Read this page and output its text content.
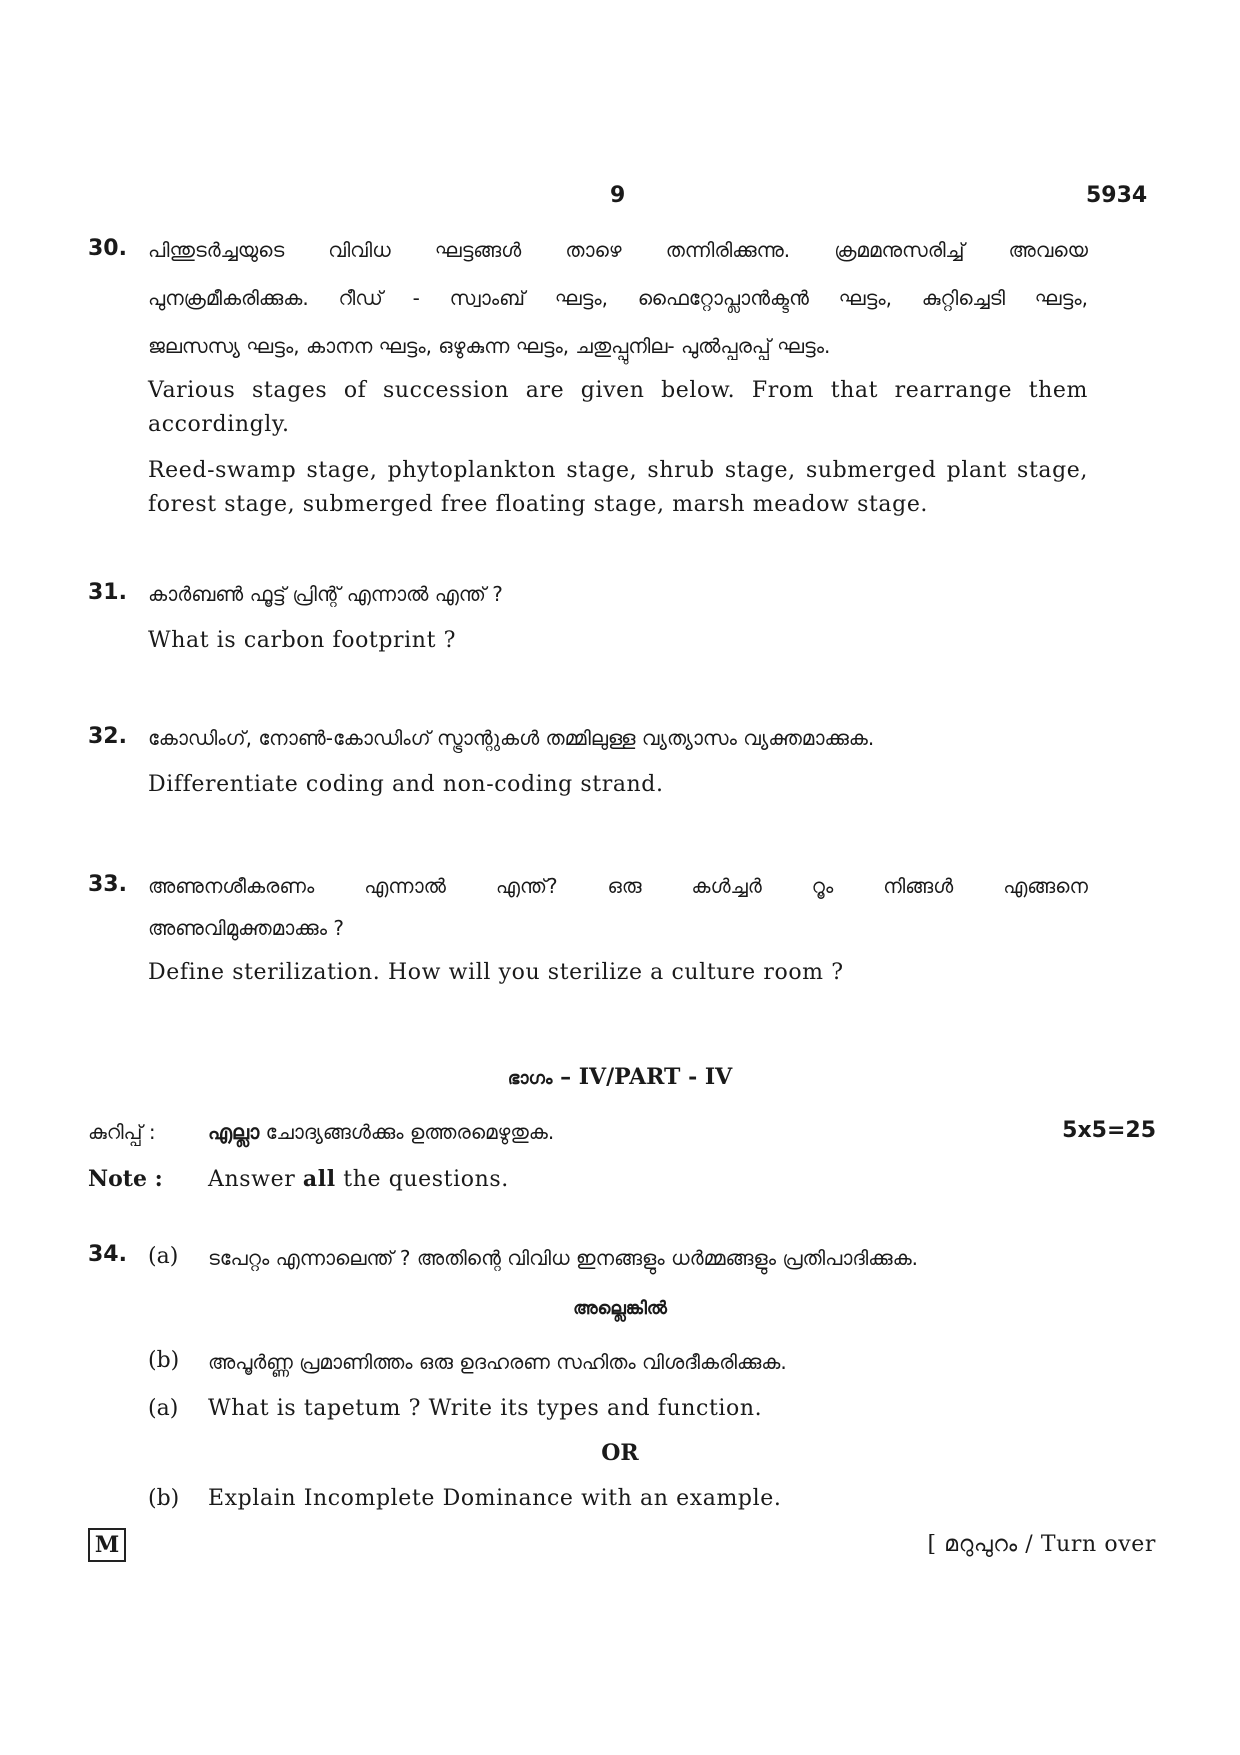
9	5934
30. പിന്തുടർച്ചയുടെ വിവിധ ഘട്ടങ്ങൾ താഴെ തന്നിരിക്കുന്നു. ക്രമമനുസരിച്ച് അവയെ
പുനക്രമീകരിക്കുക. റീഡ് - സ്വാംബ് ഘട്ടം, ഫൈറ്റോപ്ലാൻക്ടൻ ഘട്ടം, കുറ്റിച്ചെടി ഘട്ടം,
ജലസസ്യ ഘട്ടം, കാനന ഘട്ടം, ഒഴുകുന്ന ഘട്ടം, ചതുപ്പുനില- പുൽപ്പരപ്പ് ഘട്ടം.
Various stages of succession are given below. From that rearrange them
accordingly.
Reed-swamp stage, phytoplankton stage, shrub stage, submerged plant stage,
forest stage, submerged free floating stage, marsh meadow stage.
31. കാർബൺ ഫൂട്ട് പ്രിന്റ് എന്നാൽ എന്ത് ?
What is carbon footprint ?
32. കോഡിംഗ്, നോൺ-കോഡിംഗ് സ്ട്രാന്റുകൾ തമ്മിലുള്ള വ്യത്യാസം വ്യക്തമാക്കുക.
Differentiate coding and non-coding strand.
33. അണുനശീകരണം എന്നാൽ എന്ത്? ഒരു കൾച്ചർ റൂം നിങ്ങൾ എങ്ങനെ
അണുവിമുക്തമാക്കും ?
Define sterilization. How will you sterilize a culture room ?
ഭാഗം – IV/PART - IV
കുറിപ്പ് :	എല്ലാ ചോദ്യങ്ങൾക്കും ഉത്തരമെഴുതുക.	5x5=25
Note : Answer all the questions.
34. (a) ടപേറ്റം എന്നാലെന്ത് ? അതിന്റെ വിവിധ ഇനങ്ങളും ധർമ്മങ്ങളും പ്രതിപാദിക്കുക.
അല്ലെങ്കിൽ
(b) അപൂർണ്ണ പ്രമാണിത്തം ഒരു ഉദഹരണ സഹിതം വിശദീകരിക്കുക.
(a) What is tapetum ? Write its types and function.
OR
(b) Explain Incomplete Dominance with an example.
M	[ മറുപുറം / Turn over
